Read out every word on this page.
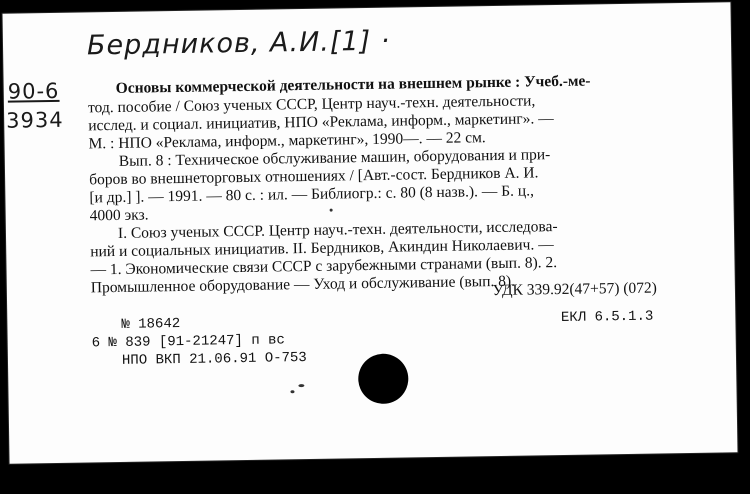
Бердников, А.И.[1] ·
90-6
3934
Основы коммерческой деятельности на внешнем рынке : Учеб.-ме-
тод. пособие / Союз ученых СССР, Центр науч.-техн. деятельности,
исслед. и социал. инициатив, НПО «Реклама, информ., маркетинг». —
М. : НПО «Реклама, информ., маркетинг», 1990—. — 22 см.
Вып. 8 : Техническое обслуживание машин, оборудования и при-
боров во внешнеторговых отношениях / [Авт.-сост. Бердников А. И.
[и др.] ]. — 1991. — 80 с. : ил. — Библиогр.: с. 80 (8 назв.). — Б. ц.,
4000 экз.
I. Союз ученых СССР. Центр науч.-техн. деятельности, исследова-
ний и социальных инициатив. II. Бердников, Акиндин Николаевич. —
— 1. Экономические связи СССР с зарубежными странами (вып. 8). 2.
Промышленное оборудование — Уход и обслуживание (вып. 8).
УДК 339.92(47+57) (072)
№ 18642
6 № 839 [91-21247] п вс
НПО ВКП 21.06.91 О-753
ЕКЛ 6.5.1.3
